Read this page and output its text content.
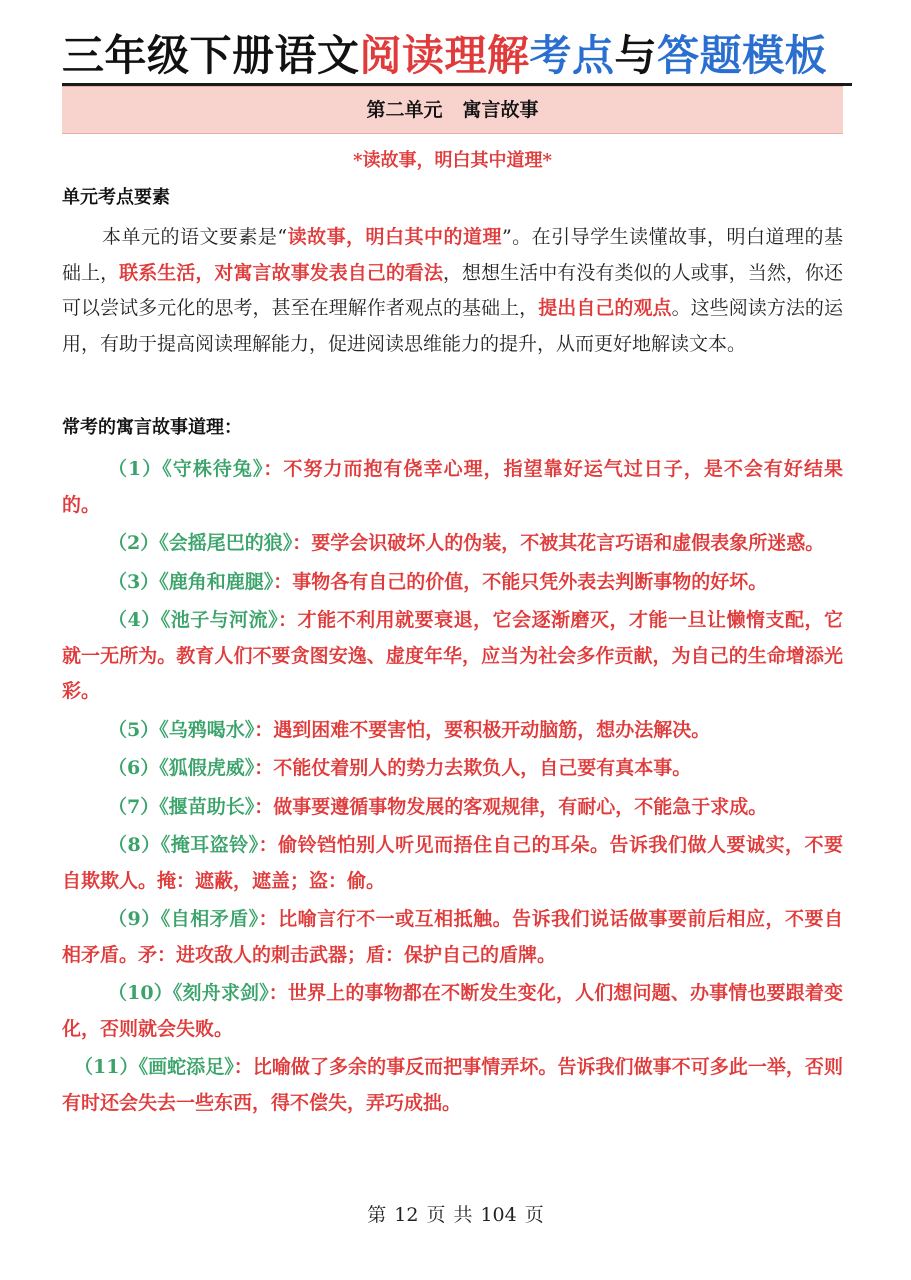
三年级下册语文阅读理解考点与答题模板
第二单元 寓言故事
*读故事，明白其中道理*
单元考点要素

本单元的语文要素是“读故事，明白其中的道理”。在引导学生读懂故事，明白道理的基础上，联系生活，对寓言故事发表自己的看法，想想生活中有没有类似的人或事，当然，你还可以尝试多元化的思考，甚至在理解作者观点的基础上，提出自己的观点。这些阅读方法的运用，有助于提高阅读理解能力，促进阅读思维能力的提升，从而更好地解读文本。

常考的寓言故事道理：
（1）《守株待兔》：不努力而抱有侥幸心理，指望靠好运气过日子，是不会有好结果的。
（2）《会摇尾巴的狼》：要学会识破坏人的伪装，不被其花言巧语和虚假表象所迷惑。
（3）《鹿角和鹿腿》：事物各有自己的价值，不能只凭外表去判断事物的好坏。
（4）《池子与河流》：才能不利用就要衰退，它会逐渐磨灭，才能一旦让懒惰支配，它就一无所为。教育人们不要贪图安逸、虚度年华，应当为社会多作贡献，为自己的生命增添光彩。
（5）《乌鸦喝水》：遇到困难不要害怕，要积极开动脑筋，想办法解决。
（6）《狐假虎威》：不能仗着别人的势力去欺负人，自己要有真本事。
（7）《揠苗助长》：做事要遵循事物发展的客观规律，有耐心，不能急于求成。
（8）《掩耳盗铃》：偷铃铛怕别人听见而捂住自己的耳朵。告诉我们做人要诚实，不要自欺欺人。掩：遮蔽，遮盖；盗：偷。
（9）《自相矛盾》：比喻言行不一或互相抵触。告诉我们说话做事要前后相应，不要自相矛盾。矛：进攻敌人的刺击武器；盾：保护自己的盾牌。
（10）《刻舟求剑》：世界上的事物都在不断发生变化，人们想问题、办事情也要跟着变化，否则就会失败。
（11）《画蛇添足》：比喻做了多余的事反而把事情弄坏。告诉我们做事不可多此一举，否则有时还会失去一些东西，得不偿失，弄巧成拙。
第 12 页 共 104 页
